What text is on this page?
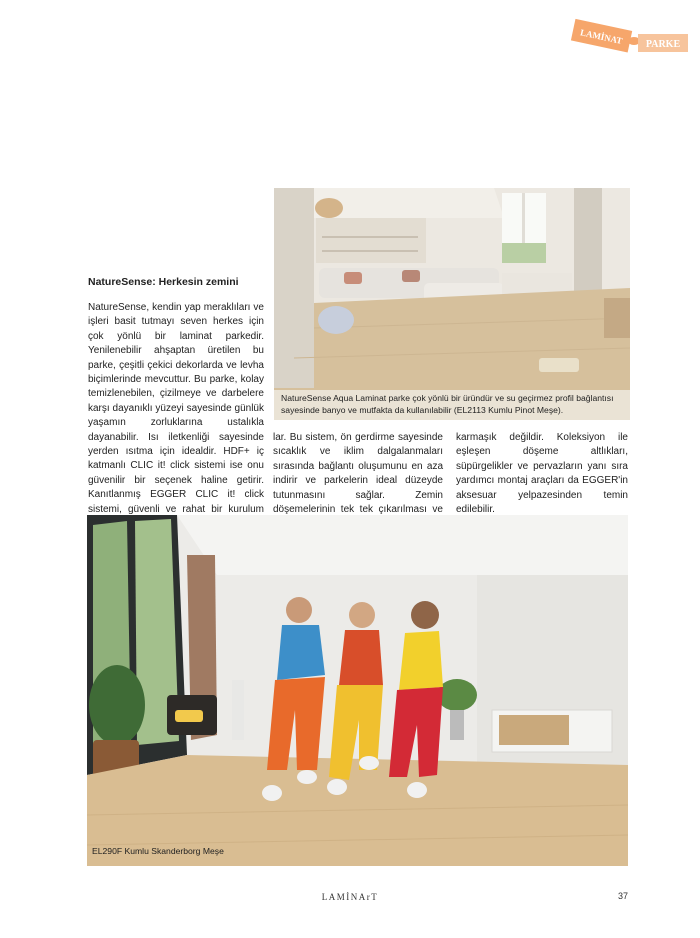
LAMİNAT PARKE
NatureSense: Herkesin zemini
NatureSense, kendin yap meraklıları ve işleri basit tutmayı seven herkes için çok yönlü bir laminat parkedir. Yenilenebilir ahşaptan üretilen bu parke, çeşitli çekici dekorlarda ve levha biçimlerinde mevcuttur. Bu parke, kolay temizlenebilen, çizilmeye ve darbelere karşı dayanıklı yüzeyi sayesinde günlük yaşamın zorluklarına ustalıkla dayanabilir. Isı iletkenliği sayesinde yerden ısıtma için idealdir. HDF+ iç katmanlı CLIC it! click sistemi ise onu güvenilir bir seçenek haline getirir. Kanıtlanmış EGGER CLIC it! click sistemi, güvenli ve rahat bir kurulum
NatureSense Aqua Laminat parke çok yönlü bir üründür ve su geçirmez profil bağlantısı sayesinde banyo ve mutfakta da kullanılabilir (EL2113 Kumlu Pinot Meşe).
lar. Bu sistem, ön gerdirme sayesinde sıcaklık ve iklim dalgalanmaları sırasında bağlantı oluşumunu en aza indirir ve parkelerin ideal düzeyde tutunmasını sağlar. Zemin döşemelerinin tek tek çıkarılması ve
karmaşık değildir. Koleksiyon ile eşleşen döşeme altlıkları, süpürgelikler ve pervazların yanı sıra yardımcı montaj araçları da EGGER'in aksesuar yelpazesinden temin edilebilir.
EL290F Kumlu Skanderborg Meşe
LAMİNArT	37
